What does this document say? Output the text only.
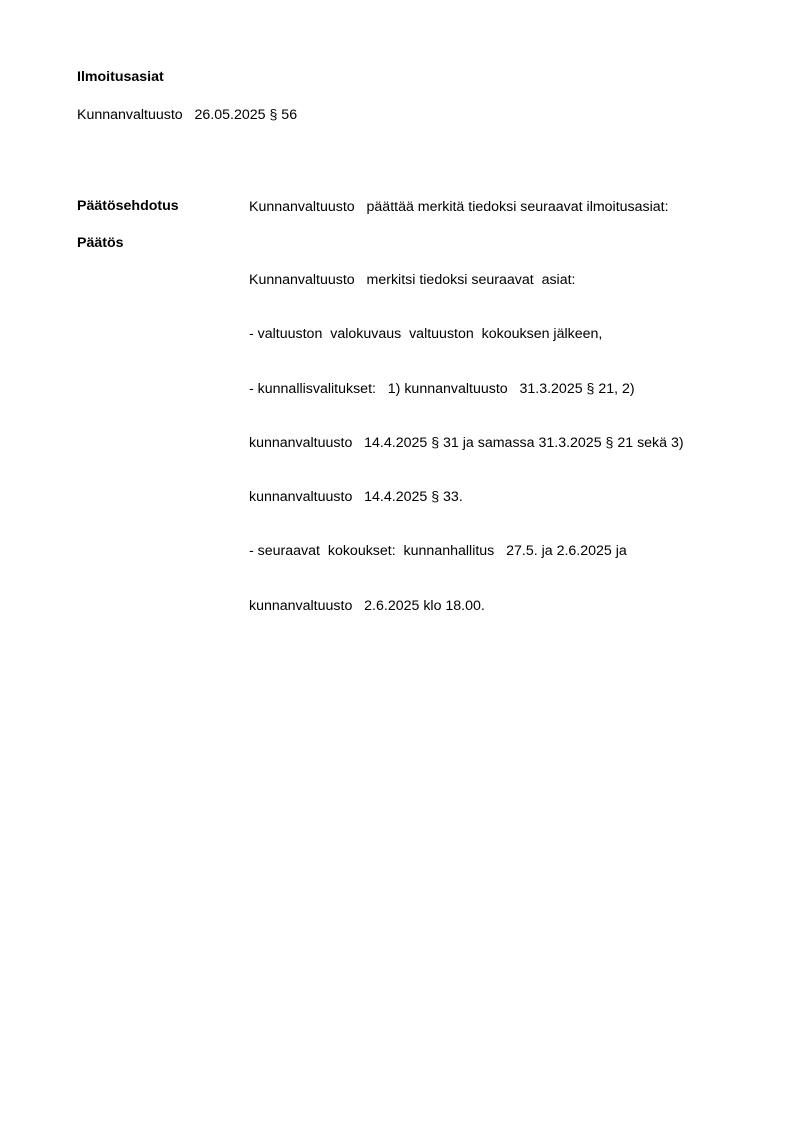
Ilmoitusasiat
Kunnanvaltuusto   26.05.2025 § 56
Päätösehdotus	Kunnanvaltuusto   päättää merkitä tiedoksi seuraavat ilmoitusasiat:
Päätös

Kunnanvaltuusto   merkitsi tiedoksi seuraavat  asiat:

- valtuuston  valokuvaus  valtuuston  kokouksen jälkeen,

- kunnallisvalitukset:   1) kunnanvaltuusto   31.3.2025 § 21, 2)

kunnanvaltuusto   14.4.2025 § 31 ja samassa 31.3.2025 § 21 sekä 3)

kunnanvaltuusto   14.4.2025 § 33.

- seuraavat  kokoukset:  kunnanhallitus   27.5. ja 2.6.2025 ja

kunnanvaltuusto   2.6.2025 klo 18.00.
